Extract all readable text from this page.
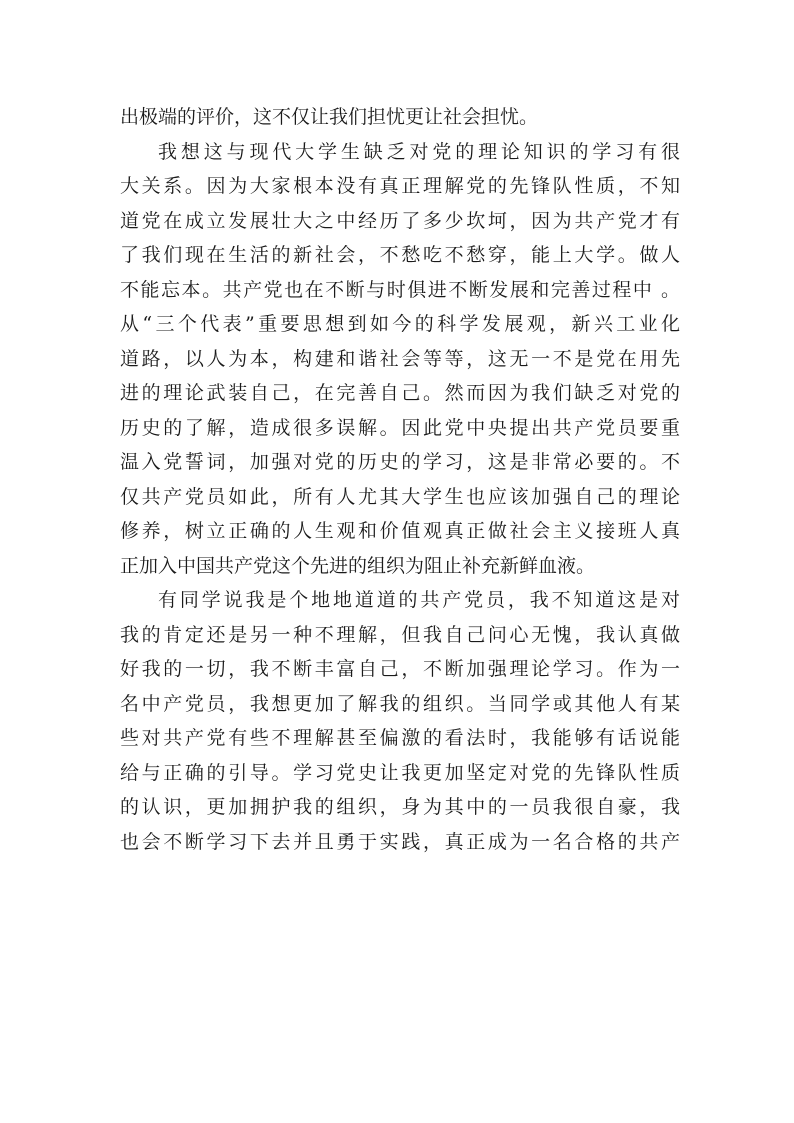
出极端的评价，这不仅让我们担忧更让社会担忧。
我想这与现代大学生缺乏对党的理论知识的学习有很
大关系。因为大家根本没有真正理解党的先锋队性质，不知
道党在成立发展壮大之中经历了多少坎坷，因为共产党才有
了我们现在生活的新社会，不愁吃不愁穿，能上大学。做人
不能忘本。共产党也在不断与时俱进不断发展和完善过程中 。
从“三个代表”重要思想到如今的科学发展观，新兴工业化
道路，以人为本，构建和谐社会等等，这无一不是党在用先
进的理论武装自己，在完善自己。然而因为我们缺乏对党的
历史的了解，造成很多误解。因此党中央提出共产党员要重
温入党誓词，加强对党的历史的学习，这是非常必要的。不
仅共产党员如此，所有人尤其大学生也应该加强自己的理论
修养，树立正确的人生观和价值观真正做社会主义接班人真
正加入中国共产党这个先进的组织为阻止补充新鲜血液。
有同学说我是个地地道道的共产党员，我不知道这是对
我的肯定还是另一种不理解，但我自己问心无愧，我认真做
好我的一切，我不断丰富自己，不断加强理论学习。作为一
名中产党员，我想更加了解我的组织。当同学或其他人有某
些对共产党有些不理解甚至偏激的看法时，我能够有话说能
给与正确的引导。学习党史让我更加坚定对党的先锋队性质
的认识，更加拥护我的组织，身为其中的一员我很自豪，我
也会不断学习下去并且勇于实践，真正成为一名合格的共产
